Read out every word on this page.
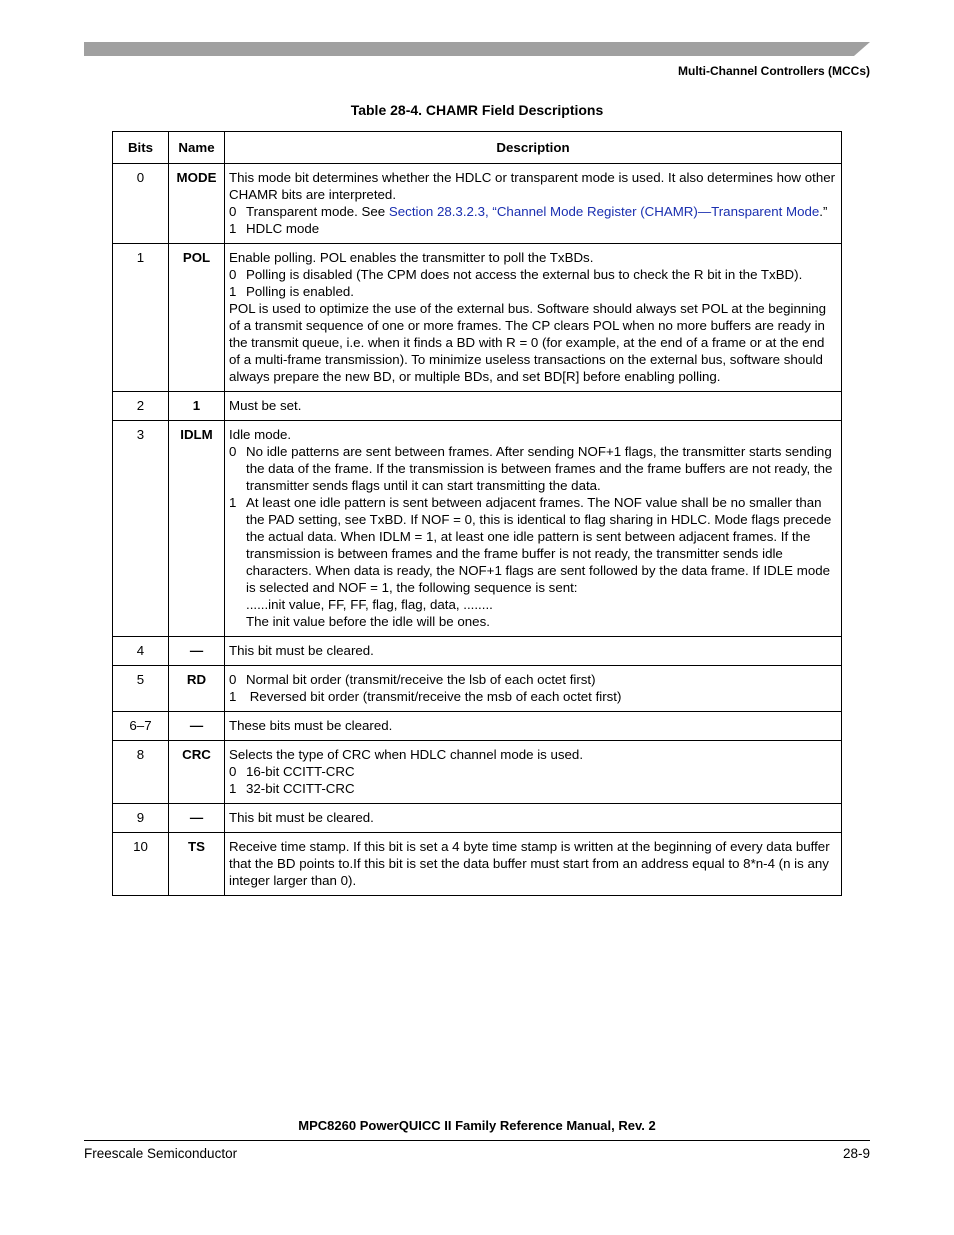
Multi-Channel Controllers (MCCs)
Table 28-4. CHAMR Field Descriptions
Bits	Name	Description
0	MODE	This mode bit determines whether the HDLC or transparent mode is used. It also determines how other CHAMR bits are interpreted.
0 Transparent mode. See Section 28.3.2.3, “Channel Mode Register (CHAMR)—Transparent Mode.”
1 HDLC mode

1	POL	Enable polling. POL enables the transmitter to poll the TxBDs.
0 Polling is disabled (The CPM does not access the external bus to check the R bit in the TxBD).
1 Polling is enabled.
POL is used to optimize the use of the external bus. Software should always set POL at the beginning of a transmit sequence of one or more frames. The CP clears POL when no more buffers are ready in the transmit queue, i.e. when it finds a BD with R = 0 (for example, at the end of a frame or at the end of a multi-frame transmission). To minimize useless transactions on the external bus, software should always prepare the new BD, or multiple BDs, and set BD[R] before enabling polling.

2	1	Must be set.

3	IDLM	Idle mode.
0 No idle patterns are sent between frames. After sending NOF+1 flags, the transmitter starts sending the data of the frame. If the transmission is between frames and the frame buffers are not ready, the transmitter sends flags until it can start transmitting the data.
1 At least one idle pattern is sent between adjacent frames. The NOF value shall be no smaller than the PAD setting, see TxBD. If NOF = 0, this is identical to flag sharing in HDLC. Mode flags precede the actual data. When IDLM = 1, at least one idle pattern is sent between adjacent frames. If the transmission is between frames and the frame buffer is not ready, the transmitter sends idle characters. When data is ready, the NOF+1 flags are sent followed by the data frame. If IDLE mode is selected and NOF = 1, the following sequence is sent:
......init value, FF, FF, flag, flag, data, ........
The init value before the idle will be ones.

4	—	This bit must be cleared.

5	RD	0 Normal bit order (transmit/receive the lsb of each octet first)
1 Reversed bit order (transmit/receive the msb of each octet first)

6–7	—	These bits must be cleared.

8	CRC	Selects the type of CRC when HDLC channel mode is used.
0 16-bit CCITT-CRC
1 32-bit CCITT-CRC

9	—	This bit must be cleared.

10	TS	Receive time stamp. If this bit is set a 4 byte time stamp is written at the beginning of every data buffer that the BD points to.If this bit is set the data buffer must start from an address equal to 8*n-4 (n is any integer larger than 0).
MPC8260 PowerQUICC II Family Reference Manual, Rev. 2
Freescale Semiconductor	28-9
